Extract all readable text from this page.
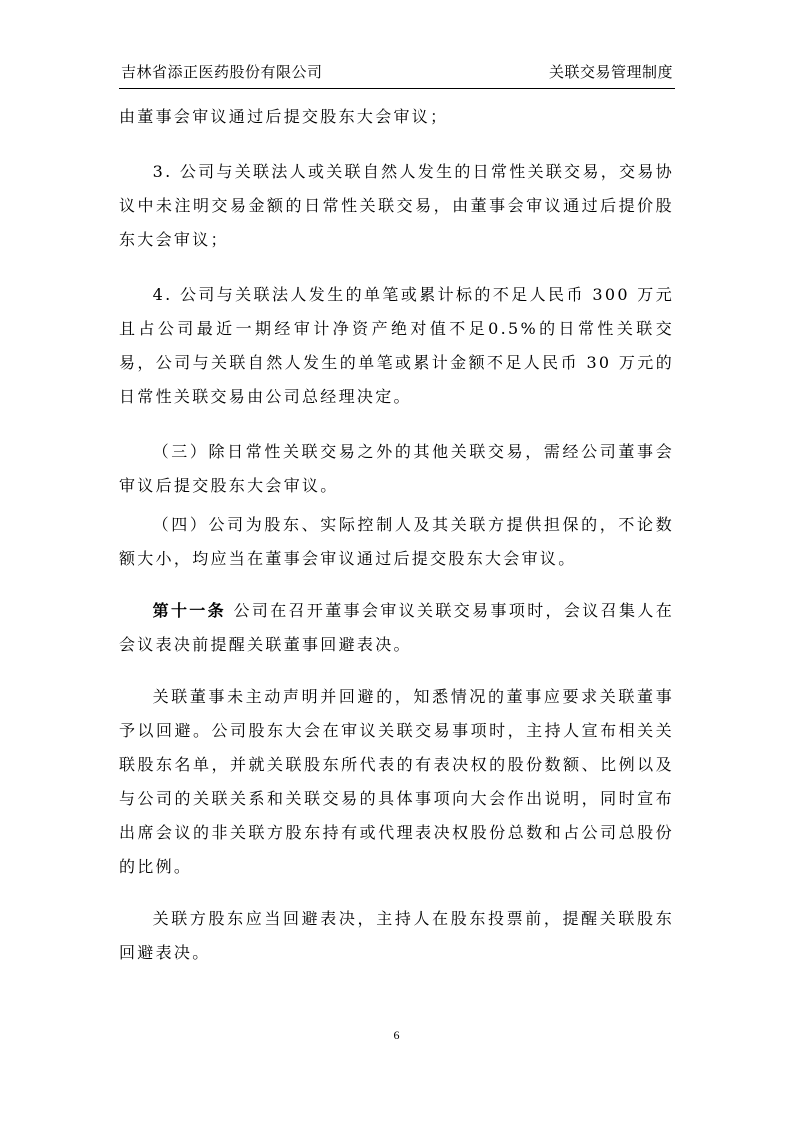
吉林省添正医药股份有限公司	关联交易管理制度

由董事会审议通过后提交股东大会审议；

3. 公司与关联法人或关联自然人发生的日常性关联交易，交易协议中未注明交易金额的日常性关联交易，由董事会审议通过后提价股东大会审议；

4. 公司与关联法人发生的单笔或累计标的不足人民币 300 万元且占公司最近一期经审计净资产绝对值不足0.5%的日常性关联交易，公司与关联自然人发生的单笔或累计金额不足人民币 30 万元的日常性关联交易由公司总经理决定。

（三）除日常性关联交易之外的其他关联交易，需经公司董事会审议后提交股东大会审议。

（四）公司为股东、实际控制人及其关联方提供担保的，不论数额大小，均应当在董事会审议通过后提交股东大会审议。

第十一条 公司在召开董事会审议关联交易事项时，会议召集人在会议表决前提醒关联董事回避表决。

关联董事未主动声明并回避的，知悉情况的董事应要求关联董事予以回避。公司股东大会在审议关联交易事项时，主持人宣布相关关联股东名单，并就关联股东所代表的有表决权的股份数额、比例以及与公司的关联关系和关联交易的具体事项向大会作出说明，同时宣布出席会议的非关联方股东持有或代理表决权股份总数和占公司总股份的比例。

关联方股东应当回避表决，主持人在股东投票前，提醒关联股东回避表决。

6
